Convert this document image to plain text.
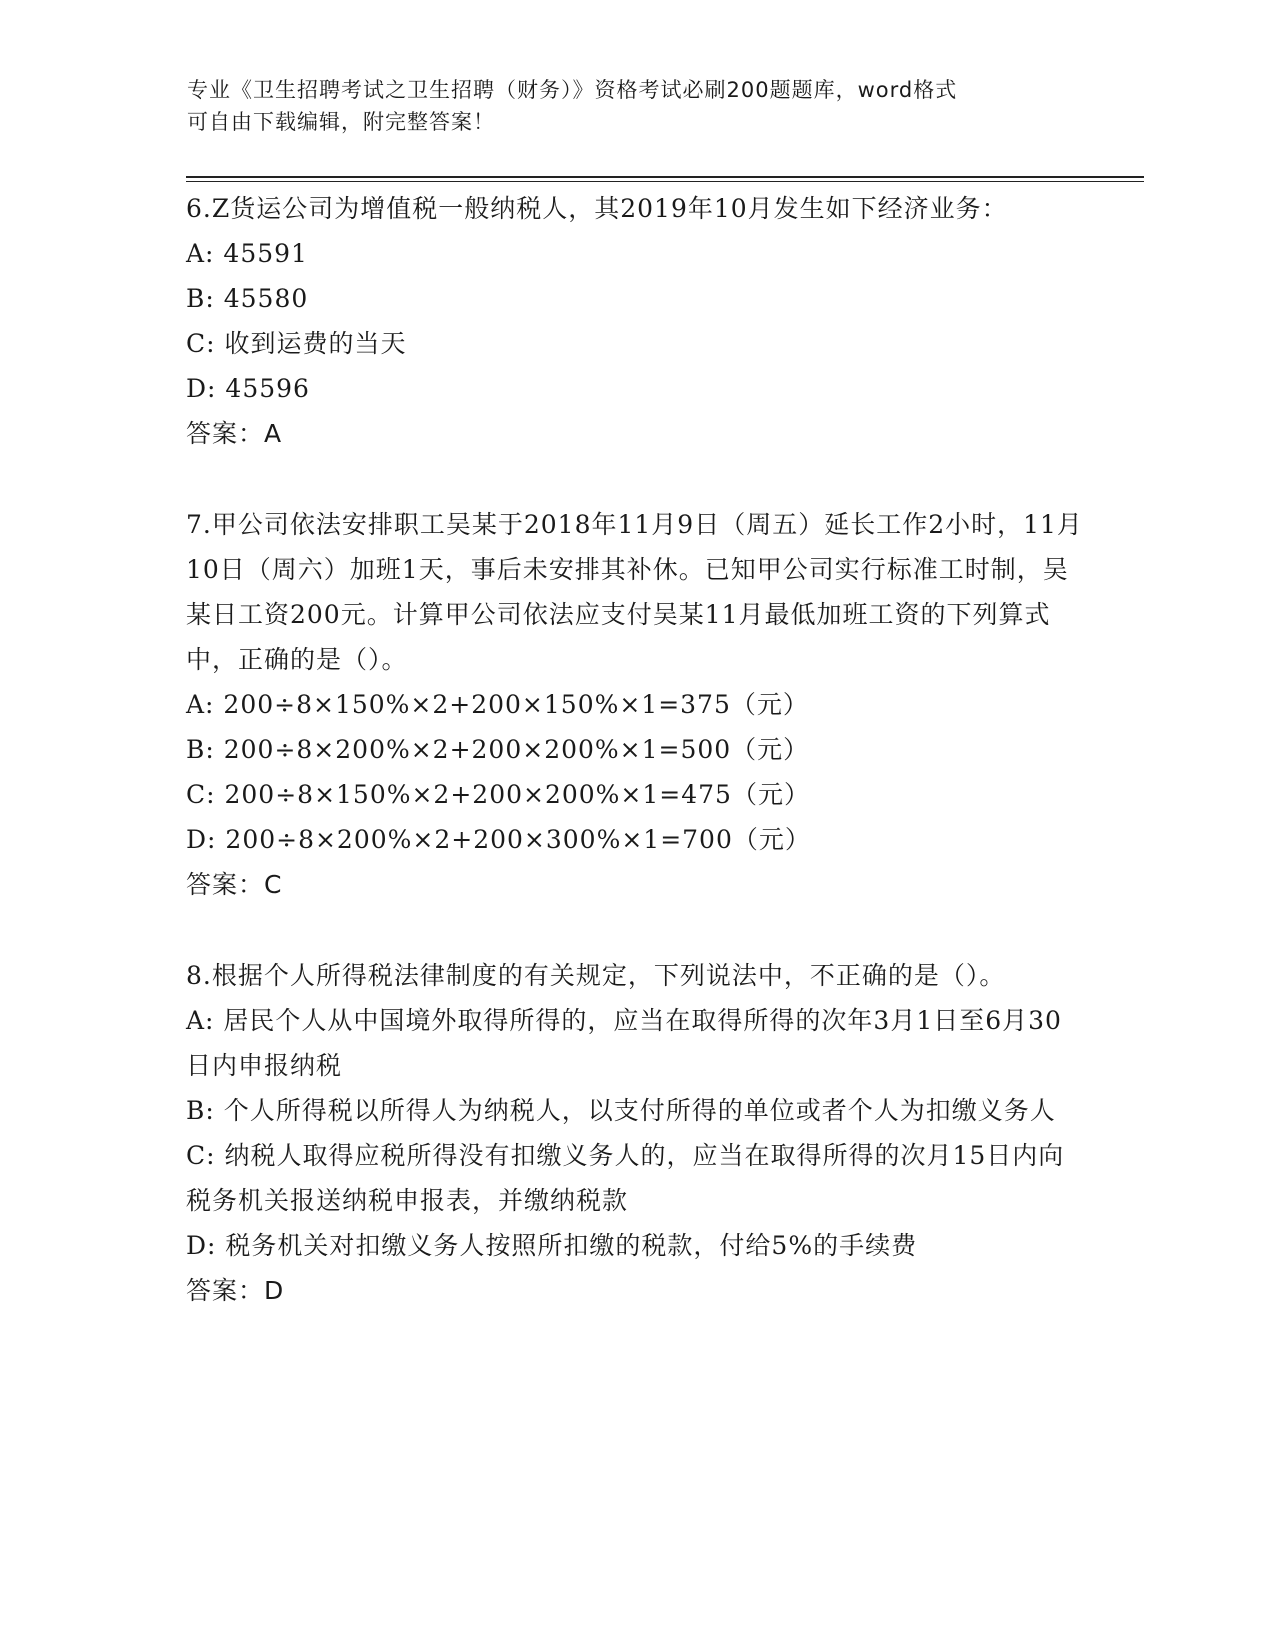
专业《卫生招聘考试之卫生招聘（财务）》资格考试必刷200题题库，word格式
可自由下载编辑，附完整答案！
6.Z货运公司为增值税一般纳税人，其2019年10月发生如下经济业务：
A: 45591
B: 45580
C: 收到运费的当天
D: 45596
答案：A
7.甲公司依法安排职工吴某于2018年11月9日（周五）延长工作2小时，11月10日（周六）加班1天，事后未安排其补休。已知甲公司实行标准工时制，吴某日工资200元。计算甲公司依法应支付吴某11月最低加班工资的下列算式中，正确的是（）。
A: 200÷8×150%×2+200×150%×1=375（元）
B: 200÷8×200%×2+200×200%×1=500（元）
C: 200÷8×150%×2+200×200%×1=475（元）
D: 200÷8×200%×2+200×300%×1=700（元）
答案：C
8.根据个人所得税法律制度的有关规定，下列说法中，不正确的是（）。
A: 居民个人从中国境外取得所得的，应当在取得所得的次年3月1日至6月30日内申报纳税
B: 个人所得税以所得人为纳税人，以支付所得的单位或者个人为扣缴义务人
C: 纳税人取得应税所得没有扣缴义务人的，应当在取得所得的次月15日内向税务机关报送纳税申报表，并缴纳税款
D: 税务机关对扣缴义务人按照所扣缴的税款，付给5%的手续费
答案：D
